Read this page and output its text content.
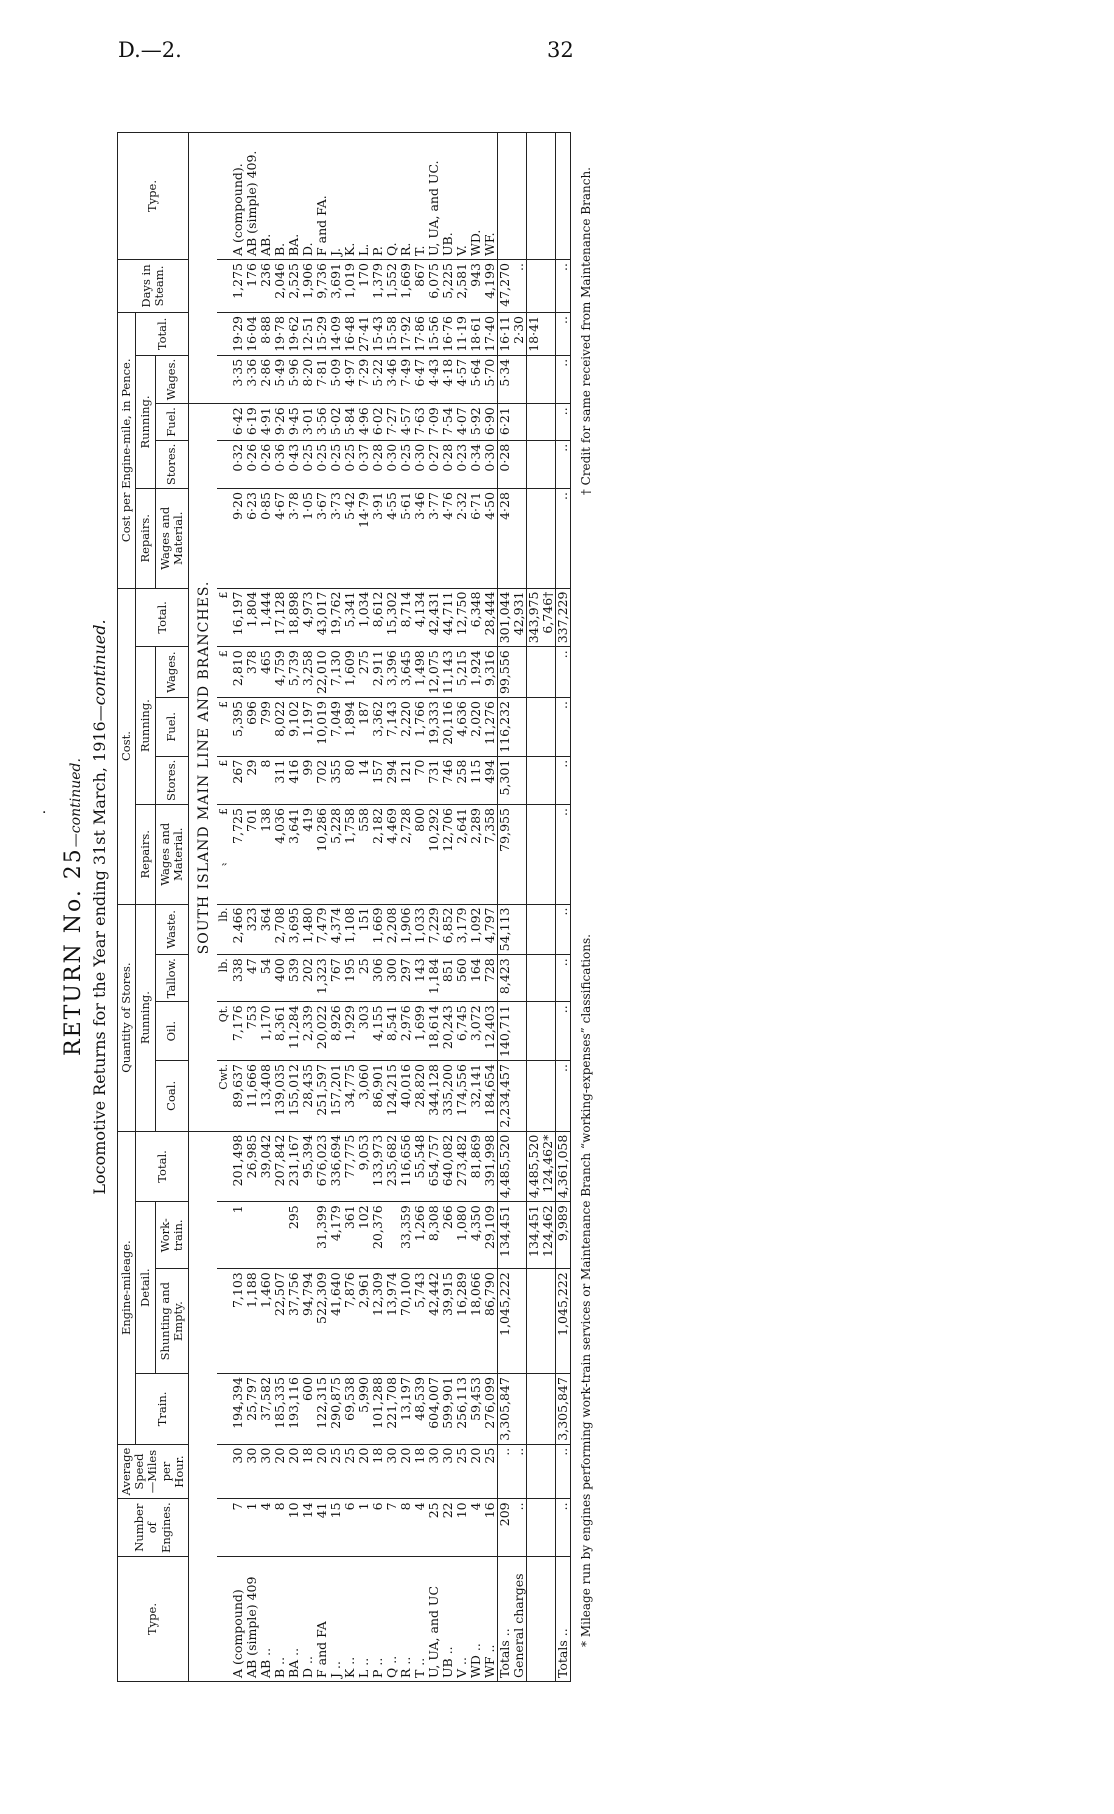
D.—2.	32
·
˶
RETURN No. 25—continued. Locomotive Returns for the Year ending 31st March, 1916—continued.
Type.	Number of Engines.	Average Speed—Miles per Hour.	Engine-mileage.				Quantity of Stores.				Cost.					Cost per Engine-mile, in Pence.					Days in Steam.	Type.
			Train.	Detail.		Total.	Running.				Repairs.	Running.			Total.	Repairs.	Running.			Total.		
				Shunting and Empty.	Work-train.		Coal.	Oil.	Tallow.	Waste.	Wages and Material.	Stores.	Fuel.	Wages.		Wages and Material.	Stores.	Fuel.	Wages.			

							SOUTH ISLAND MAIN LINE AND BRANCHES.															
							Cwt.	Qt.	lb.	lb.	£	£	£	£	£							
A (compound)	7	30	194,394	7,103	1	201,498	89,637	7,176	338	2,466	7,725	267	5,395	2,810	16,197	9·20	0·32	6·42	3·35	19·29	1,275	A (compound).
AB (simple) 409	1	30	25,797	1,188		26,985	11,666	753	47	323	701	29	696	378	1,804	6·23	0·26	6·19	3·36	16·04	176	AB (simple) 409.
AB ..	4	30	37,582	1,460		39,042	13,408	1,170	54	364	138	8	799	465	1,444	0·85	0·26	4·91	2·86	8·88	236	AB.
B ..	8	20	185,335	22,507		207,842	139,035	8,361	400	2,708	4,036	311	8,022	4,759	17,128	4·67	0·36	9·26	5·49	19·78	2,046	B.
BA ..	10	20	193,116	37,756	295	231,167	155,012	11,284	539	3,695	3,641	416	9,102	5,739	18,898	3·78	0·43	9·45	5·96	19·62	2,525	BA.
D ..	14	18	600	94,794		95,394	28,435	2,339	202	1,480	419	99	1,197	3,258	4,973	1·05	0·25	3·01	8·20	12·51	1,906	D.
F and FA	41	20	122,315	522,309	31,399	676,023	251,597	20,022	1,323	7,479	10,286	702	10,019	22,010	43,017	3·67	0·25	3·56	7·81	15·29	9,736	F and FA.
J ..	15	25	290,875	41,640	4,179	336,694	157,201	8,926	767	4,374	5,228	355	7,049	7,130	19,762	3·73	0·25	5·02	5·09	14·09	3,691	J.
K ..	6	25	69,538	7,876	361	77,775	34,775	1,929	195	1,108	1,758	80	1,894	1,609	5,341	5·42	0·25	5·84	4·97	16·48	1,019	K.
L ..	1	20	5,990	2,961	102	9,053	3,060	303	25	151	558	14	187	275	1,034	14·79	0·37	4·96	7·29	27·41	170	L.
P ..	6	18	101,288	12,309	20,376	133,973	86,901	4,155	306	1,669	2,182	157	3,362	2,911	8,612	3·91	0·28	6·02	5·22	15·43	1,379	P.
Q ..	7	30	221,708	13,974		235,682	124,215	8,541	300	2,208	4,469	294	7,143	3,396	15,302	4·55	0·30	7·27	3·46	15·58	1,552	Q.
R ..	8	20	13,197	70,100	33,359	116,656	40,016	2,976	297	1,906	2,728	121	2,220	3,645	8,714	5·61	0·25	4·57	7·49	17·92	1,669	R.
T ..	4	18	48,539	5,743	1,266	55,548	28,820	1,699	143	1,033	800	70	1,766	1,498	4,134	3·46	0·30	7·63	6·47	17·86	867	T.
U, UA, and UC	25	30	604,007	42,442	8,308	654,757	344,128	18,614	1,184	7,229	10,292	731	19,333	12,075	42,431	3·77	0·27	7·09	4·43	15·56	6,075	U, UA, and UC.
UB ..	22	30	599,901	39,915	266	640,082	335,200	20,243	851	6,852	12,706	746	20,116	11,143	44,711	4·76	0·28	7·54	4·18	16·76	5,225	UB.
V ..	10	25	256,113	16,289	1,080	273,482	174,556	6,745	560	3,179	2,641	258	4,636	5,215	12,750	2·32	0·23	4·07	4·57	11·19	2,581	V.
WD ..	4	20	59,453	18,066	4,350	81,869	32,141	3,072	164	1,092	2,289	115	2,020	1,924	6,348	6·71	0·34	5·92	5·64	18·61	943	WD.
WF ..	16	25	276,099	86,790	29,109	391,998	184,654	12,403	728	4,797	7,358	494	11,276	9,316	28,444	4·50	0·30	6·90	5·70	17·40	4,199	WF.
Totals ..	209	..	3,305,847	1,045,222	134,451	4,485,520	2,234,457	140,711	8,423	54,113	79,955	5,301	116,232	99,556	301,044	4·28	0·28	6·21	5·34	16·11	47,270	
General charges	..	..													42,931					2·30	..	
					134,451	4,485,520									343,975					18·41		
					124,462	124,462*									6,746†							
Totals ..	..	..	3,305,847	1,045,222	9,989	4,361,058	..	..	..	..	..	..	..	..	337,229	..	..	..	..	..	..	
* Mileage run by engines performing work-train services or Maintenance Branch “working-expenses” classifications.
† Credit for same received from Maintenance Branch.
